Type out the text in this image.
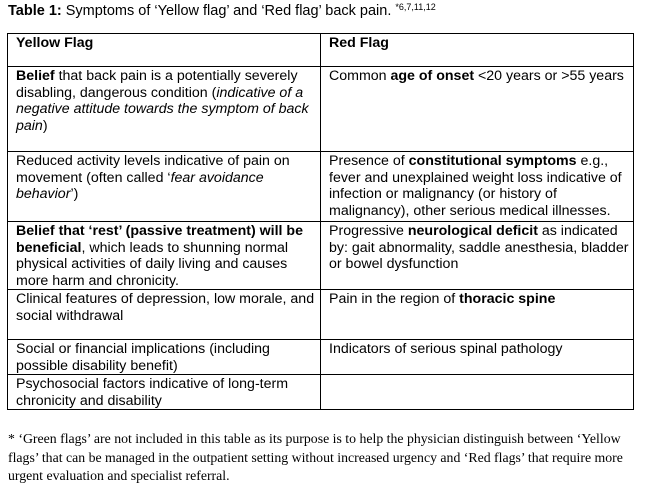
Table 1: Symptoms of ‘Yellow flag’ and ‘Red flag’ back pain. $^{*6,7,11,12}$
Yellow Flag	Red Flag
Belief that back pain is a potentially severely disabling, dangerous condition (indicative of a negative attitude towards the symptom of back pain)	Common age of onset <20 years or >55 years
Reduced activity levels indicative of pain on movement (often called ‘fear avoidance behavior’)	Presence of constitutional symptoms e.g., fever and unexplained weight loss indicative of infection or malignancy (or history of malignancy), other serious medical illnesses.
Belief that ‘rest’ (passive treatment) will be beneficial, which leads to shunning normal physical activities of daily living and causes more harm and chronicity.	Progressive neurological deficit as indicated by: gait abnormality, saddle anesthesia, bladder or bowel dysfunction
Clinical features of depression, low morale, and social withdrawal	Pain in the region of thoracic spine
Social or financial implications (including possible disability benefit)	Indicators of serious spinal pathology
Psychosocial factors indicative of long-term chronicity and disability	
* ‘Green flags’ are not included in this table as its purpose is to help the physician distinguish between ‘Yellow flags’ that can be managed in the outpatient setting without increased urgency and ‘Red flags’ that require more urgent evaluation and specialist referral.
